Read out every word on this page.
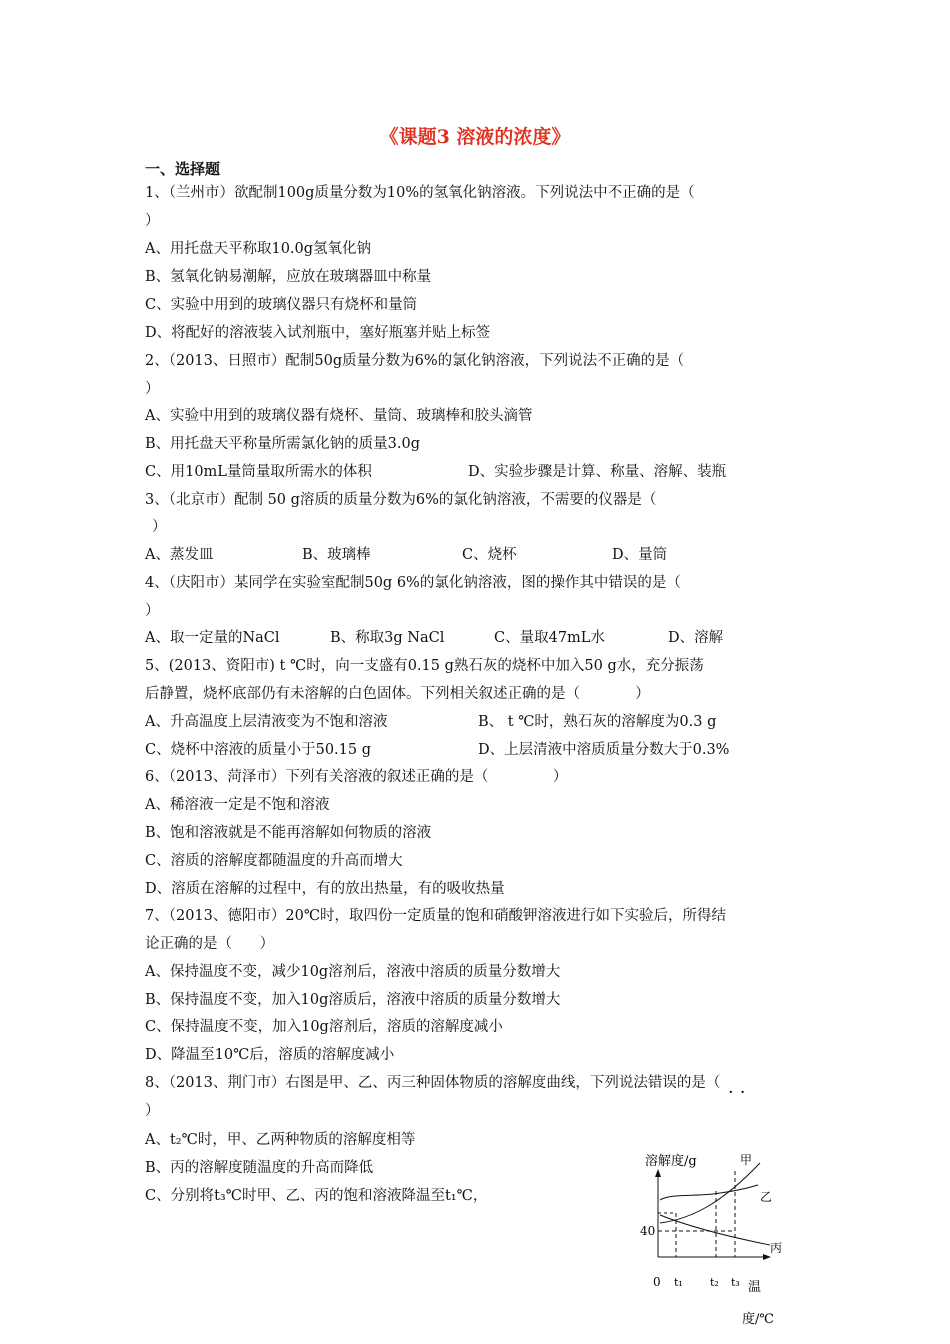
《课题3 溶液的浓度》
一、选择题
1、（兰州市）欲配制100g质量分数为10%的氢氧化钠溶液。下列说法中不正确的是（
）
A、用托盘天平称取10.0g氢氧化钠
B、氢氧化钠易潮解，应放在玻璃器皿中称量
C、实验中用到的玻璃仪器只有烧杯和量筒
D、将配好的溶液装入试剂瓶中，塞好瓶塞并贴上标签
2、（2013、日照市）配制50g质量分数为6%的氯化钠溶液，下列说法不正确的是（
）
A、实验中用到的玻璃仪器有烧杯、量筒、玻璃棒和胶头滴管
B、用托盘天平称量所需氯化钠的质量3.0g
C、用10mL量筒量取所需水的体积	D、实验步骤是计算、称量、溶解、装瓶
3、（北京市）配制 50 g溶质的质量分数为6%的氯化钠溶液，不需要的仪器是（
）
A、蒸发皿	B、玻璃棒	C、烧杯	D、量筒
4、（庆阳市）某同学在实验室配制50g 6%的氯化钠溶液，图的操作其中错误的是（
）
A、取一定量的NaCl	B、称取3g NaCl	C、量取47mL水	D、溶解
5、(2013、资阳市) t ℃时，向一支盛有0.15 g熟石灰的烧杯中加入50 g水，充分振荡
后静置，烧杯底部仍有未溶解的白色固体。下列相关叙述正确的是（            ）
A、升高温度上层清液变为不饱和溶液	B、 t ℃时，熟石灰的溶解度为0.3 g
C、烧杯中溶液的质量小于50.15 g	D、上层清液中溶质质量分数大于0.3%
6、（2013、菏泽市）下列有关溶液的叙述正确的是（              ）
A、稀溶液一定是不饱和溶液
B、饱和溶液就是不能再溶解如何物质的溶液
C、溶质的溶解度都随温度的升高而增大
D、溶质在溶解的过程中，有的放出热量，有的吸收热量
7、（2013、德阳市）20℃时，取四份一定质量的饱和硝酸钾溶液进行如下实验后，所得结
论正确的是（      ）
A、保持温度不变，减少10g溶剂后，溶液中溶质的质量分数增大
B、保持温度不变，加入10g溶质后，溶液中溶质的质量分数增大
C、保持温度不变，加入10g溶剂后，溶质的溶解度减小
D、降温至10℃后，溶质的溶解度减小
8、（2013、荆门市）右图是甲、乙、丙三种固体物质的溶解度曲线，下列说法错误的是（ ··
）
A、t₂℃时，甲、乙两种物质的溶解度相等
B、丙的溶解度随温度的升高而降低
C、分别将t₃℃时甲、乙、丙的饱和溶液降温至t₁℃，
溶解度/g
40
0 t₁ t₂ t₃ 温
度/℃
甲
乙
丙
